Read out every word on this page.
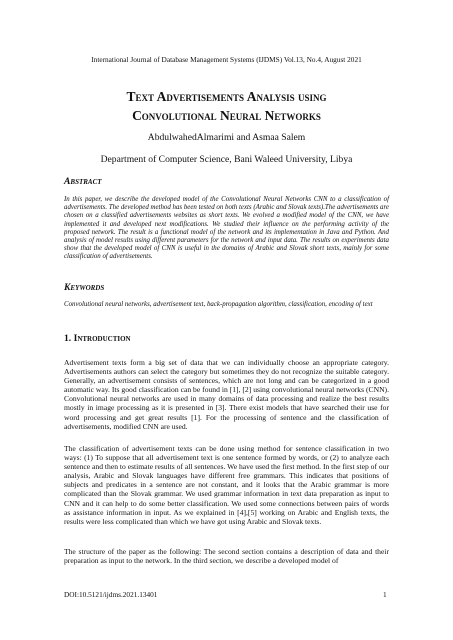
International Journal of Database Management Systems (IJDMS) Vol.13, No.4, August 2021
Text Advertisements Analysis using
Convolutional Neural Networks
AbdulwahedAlmarimi and Asmaa Salem
Department of Computer Science, Bani Waleed University, Libya
Abstract
In this paper, we describe the developed model of the Convolutional Neural Networks CNN to a classification of advertisements. The developed method has been tested on both texts (Arabic and Slovak texts).The advertisements are chosen on a classified advertisements websites as short texts. We evolved a modified model of the CNN, we have implemented it and developed next modifications. We studied their influence on the performing activity of the proposed network. The result is a functional model of the network and its implementation in Java and Python. And analysis of model results using different parameters for the network and input data. The results on experiments data show that the developed model of CNN is useful in the domains of Arabic and Slovak short texts, mainly for some classification of advertisements.
Keywords
Convolutional neural networks, advertisement text, back-propagation algorithm, classification, encoding of text
1. Introduction

Advertisement texts form a big set of data that we can individually choose an appropriate category. Advertisements authors can select the category but sometimes they do not recognize the suitable category. Generally, an advertisement consists of sentences, which are not long and can be categorized in a good automatic way. Its good classification can be found in [1], [2] using convolutional neural networks (CNN). Convolutional neural networks are used in many domains of data processing and realize the best results mostly in image processing as it is presented in [3]. There exist models that have searched their use for word processing and get great results [1]. For the processing of sentence and the classification of advertisements, modified CNN are used.

The classification of advertisement texts can be done using method for sentence classification in two ways: (1) To suppose that all advertisement text is one sentence formed by words, or (2) to analyze each sentence and then to estimate results of all sentences. We have used the first method. In the first step of our analysis, Arabic and Slovak languages have different free grammars. This indicates that positions of subjects and predicates in a sentence are not constant, and it looks that the Arabic grammar is more complicated than the Slovak grammar. We used grammar information in text data preparation as input to CNN and it can help to do some better classification. We used some connections between pairs of words as assistance information in input. As we explained in [4],[5] working on Arabic and English texts, the results were less complicated than which we have got using Arabic and Slovak texts.

The structure of the paper as the following: The second section contains a description of data and their preparation as input to the network. In the third section, we describe a developed model of

DOI:10.5121/ijdms.2021.13401	1
